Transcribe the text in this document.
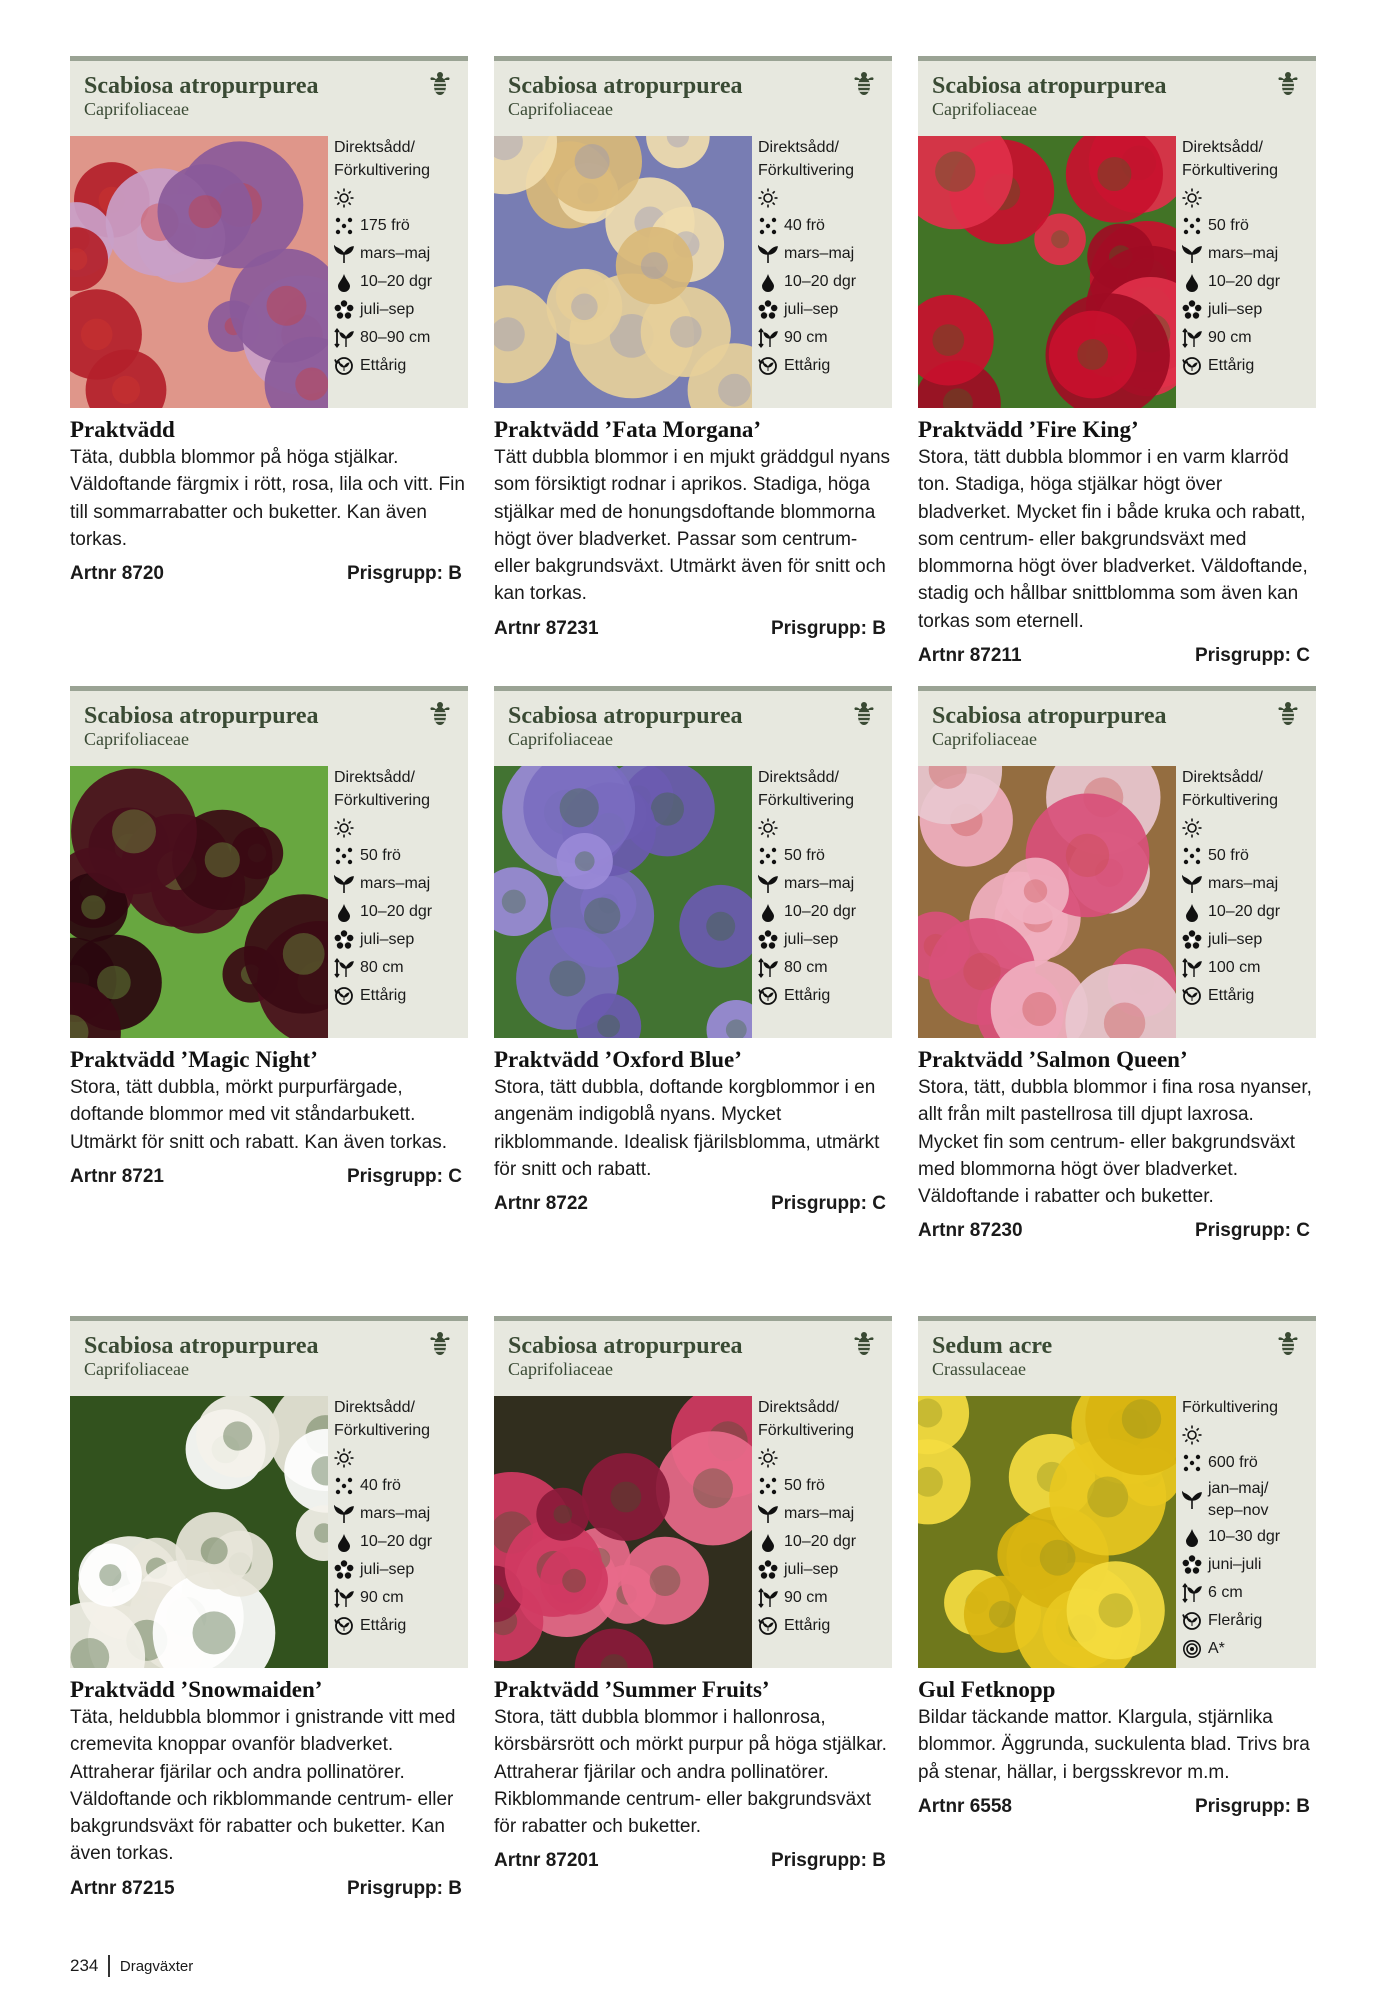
Scabiosa atropurpurea
Caprifoliaceae
Direktsådd/
Förkultivering
175 frö
mars–maj
10–20 dgr
juli–sep
80–90 cm
Ettårig
Praktvädd
Täta, dubbla blommor på höga stjälkar. Väldoftande färgmix i rött, rosa, lila och vitt. Fin till sommarrabatter och buketter. Kan även torkas.
Artnr 8720	Prisgrupp: B
Scabiosa atropurpurea
Caprifoliaceae
Direktsådd/
Förkultivering
40 frö
mars–maj
10–20 dgr
juli–sep
90 cm
Ettårig
Praktvädd ’Fata Morgana’
Tätt dubbla blommor i en mjukt gräddgul nyans som försiktigt rodnar i aprikos. Stadiga, höga stjälkar med de honungsdoftande blommorna högt över bladverket. Passar som centrum- eller bakgrundsväxt. Utmärkt även för snitt och kan torkas.
Artnr 87231	Prisgrupp: B
Scabiosa atropurpurea
Caprifoliaceae
Direktsådd/
Förkultivering
50 frö
mars–maj
10–20 dgr
juli–sep
90 cm
Ettårig
Praktvädd ’Fire King’
Stora, tätt dubbla blommor i en varm klarröd ton. Stadiga, höga stjälkar högt över bladverket. Mycket fin i både kruka och rabatt, som centrum- eller bakgrundsväxt med blommorna högt över bladverket. Väldoftande, stadig och hållbar snittblomma som även kan torkas som eternell.
Artnr 87211	Prisgrupp: C
Scabiosa atropurpurea
Caprifoliaceae
Direktsådd/
Förkultivering
50 frö
mars–maj
10–20 dgr
juli–sep
80 cm
Ettårig
Praktvädd ’Magic Night’
Stora, tätt dubbla, mörkt purpurfärgade, doftande blommor med vit ståndarbukett. Utmärkt för snitt och rabatt. Kan även torkas.
Artnr 8721	Prisgrupp: C
Scabiosa atropurpurea
Caprifoliaceae
Direktsådd/
Förkultivering
50 frö
mars–maj
10–20 dgr
juli–sep
80 cm
Ettårig
Praktvädd ’Oxford Blue’
Stora, tätt dubbla, doftande korgblommor i en angenäm indigoblå nyans. Mycket rikblommande. Idealisk fjärilsblomma, utmärkt för snitt och rabatt.
Artnr 8722	Prisgrupp: C
Scabiosa atropurpurea
Caprifoliaceae
Direktsådd/
Förkultivering
50 frö
mars–maj
10–20 dgr
juli–sep
100 cm
Ettårig
Praktvädd ’Salmon Queen’
Stora, tätt, dubbla blommor i fina rosa nyanser, allt från milt pastellrosa till djupt laxrosa. Mycket fin som centrum- eller bakgrundsväxt med blommorna högt över bladverket. Väldoftande i rabatter och buketter.
Artnr 87230	Prisgrupp: C
Scabiosa atropurpurea
Caprifoliaceae
Direktsådd/
Förkultivering
40 frö
mars–maj
10–20 dgr
juli–sep
90 cm
Ettårig
Praktvädd ’Snowmaiden’
Täta, heldubbla blommor i gnistrande vitt med cremevita knoppar ovanför bladverket. Attraherar fjärilar och andra pollinatörer. Väldoftande och rikblommande centrum- eller bakgrundsväxt för rabatter och buketter. Kan även torkas.
Artnr 87215	Prisgrupp: B
Scabiosa atropurpurea
Caprifoliaceae
Direktsådd/
Förkultivering
50 frö
mars–maj
10–20 dgr
juli–sep
90 cm
Ettårig
Praktvädd ’Summer Fruits’
Stora, tätt dubbla blommor i hallonrosa, körsbärsrött och mörkt purpur på höga stjälkar. Attraherar fjärilar och andra pollinatörer. Rikblommande centrum- eller bakgrundsväxt för rabatter och buketter.
Artnr 87201	Prisgrupp: B
Sedum acre
Crassulaceae
Förkultivering
600 frö
jan–maj/
sep–nov
10–30 dgr
juni–juli
6 cm
Flerårig
A*
Gul Fetknopp
Bildar täckande mattor. Klargula, stjärnlika blommor. Äggrunda, suckulenta blad. Trivs bra på stenar, hällar, i bergsskrevor m.m.
Artnr 6558	Prisgrupp: B
234 Dragväxter
